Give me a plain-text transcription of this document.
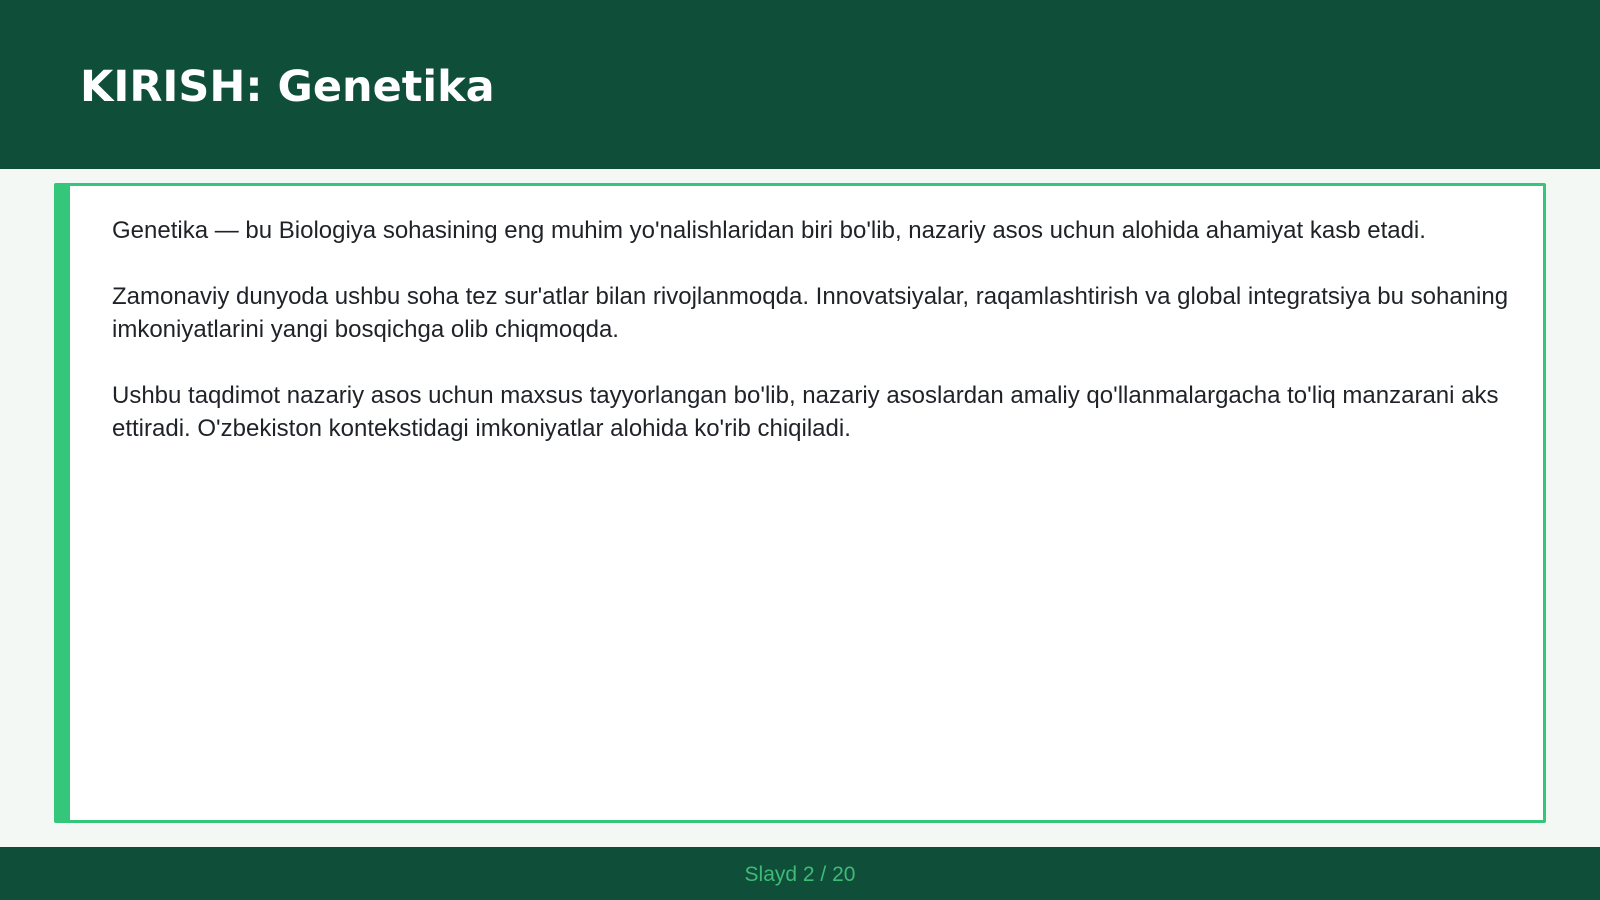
KIRISH: Genetika

Genetika — bu Biologiya sohasining eng muhim yo'nalishlaridan biri bo'lib, nazariy asos uchun alohida ahamiyat kasb etadi.

Zamonaviy dunyoda ushbu soha tez sur'atlar bilan rivojlanmoqda. Innovatsiyalar, raqamlashtirish va global integratsiya bu sohaning imkoniyatlarini yangi bosqichga olib chiqmoqda.

Ushbu taqdimot nazariy asos uchun maxsus tayyorlangan bo'lib, nazariy asoslardan amaliy qo'llanmalargacha to'liq manzarani aks ettiradi. O'zbekiston kontekstidagi imkoniyatlar alohida ko'rib chiqiladi.

Slayd 2 / 20
